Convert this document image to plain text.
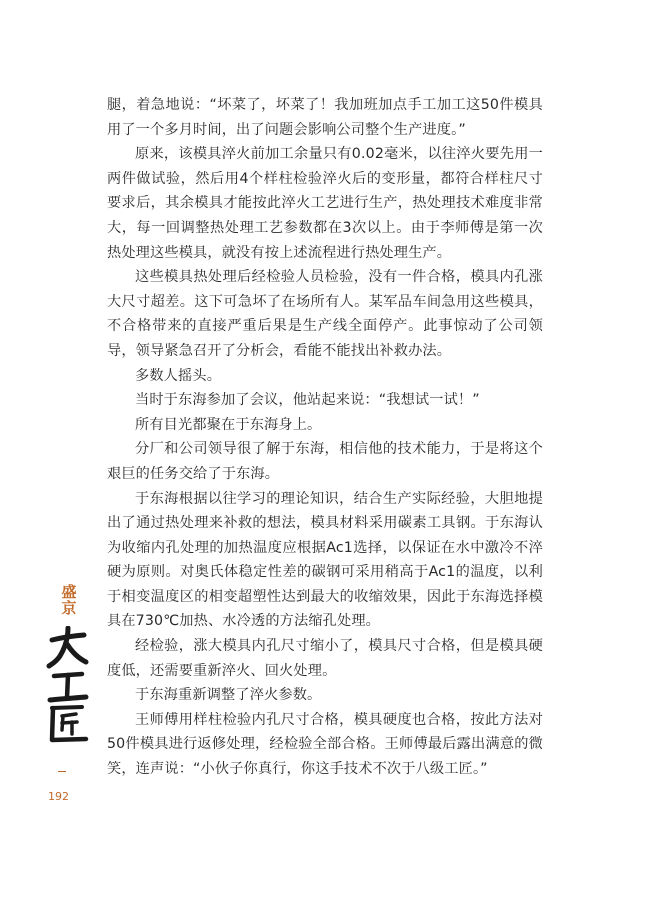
腿，着急地说：“坏菜了，坏菜了！我加班加点手工加工这50件模具用了一个多月时间，出了问题会影响公司整个生产进度。”

原来，该模具淬火前加工余量只有0.02毫米，以往淬火要先用一两件做试验，然后用4个样柱检验淬火后的变形量，都符合样柱尺寸要求后，其余模具才能按此淬火工艺进行生产，热处理技术难度非常大，每一回调整热处理工艺参数都在3次以上。由于李师傅是第一次热处理这些模具，就没有按上述流程进行热处理生产。

这些模具热处理后经检验人员检验，没有一件合格，模具内孔涨大尺寸超差。这下可急坏了在场所有人。某军品车间急用这些模具，不合格带来的直接严重后果是生产线全面停产。此事惊动了公司领导，领导紧急召开了分析会，看能不能找出补救办法。

多数人摇头。

当时于东海参加了会议，他站起来说：“我想试一试！”

所有目光都聚在于东海身上。

分厂和公司领导很了解于东海，相信他的技术能力，于是将这个艰巨的任务交给了于东海。

于东海根据以往学习的理论知识，结合生产实际经验，大胆地提出了通过热处理来补救的想法，模具材料采用碳素工具钢。于东海认为收缩内孔处理的加热温度应根据Ac1选择，以保证在水中激冷不淬硬为原则。对奥氏体稳定性差的碳钢可采用稍高于Ac1的温度，以利于相变温度区的相变超塑性达到最大的收缩效果，因此于东海选择模具在730℃加热、水冷透的方法缩孔处理。

经检验，涨大模具内孔尺寸缩小了，模具尺寸合格，但是模具硬度低，还需要重新淬火、回火处理。

于东海重新调整了淬火参数。

王师傅用样柱检验内孔尺寸合格，模具硬度也合格，按此方法对50件模具进行返修处理，经检验全部合格。王师傅最后露出满意的微笑，连声说：“小伙子你真行，你这手技术不次于八级工匠。”

盛京
192
